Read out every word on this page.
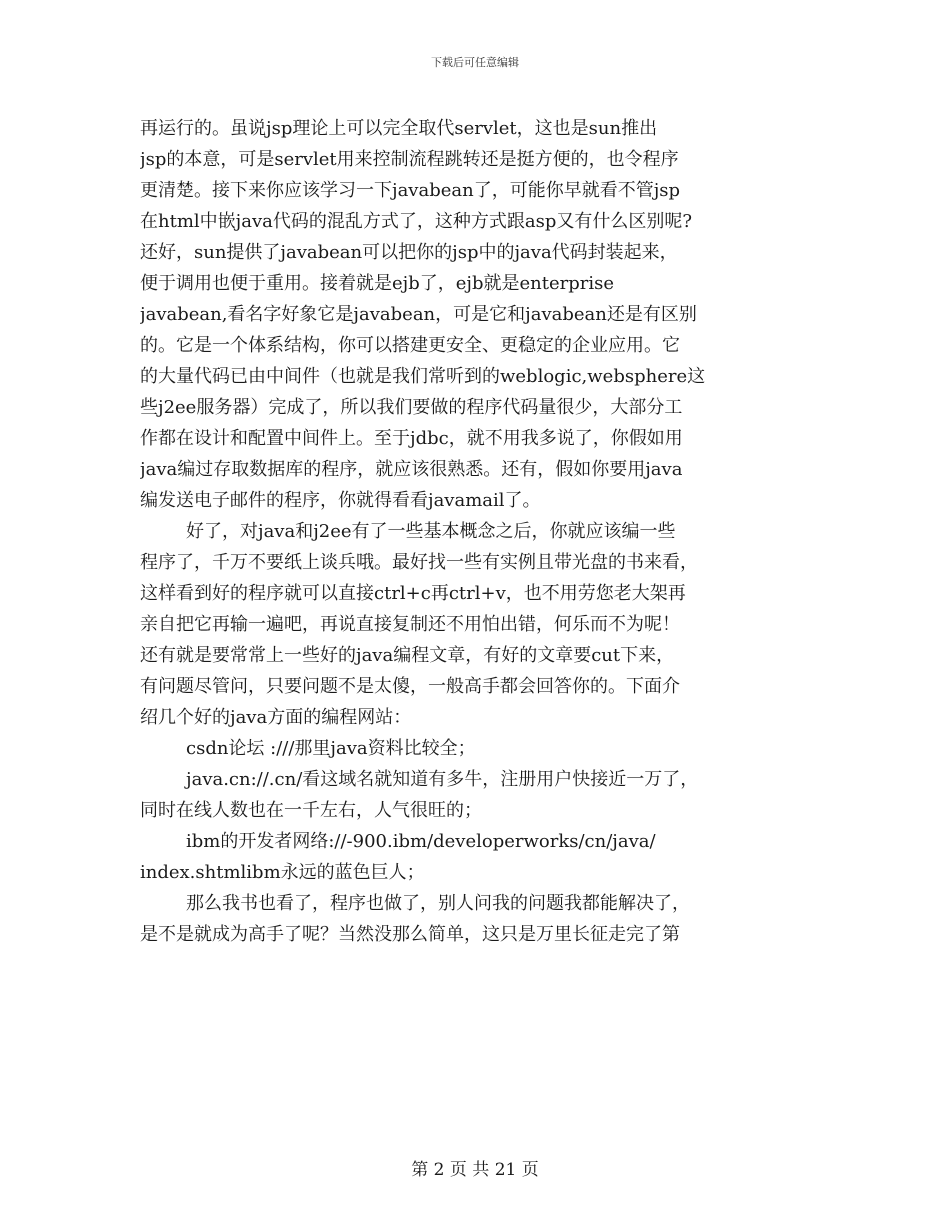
下载后可任意编辑
再运行的。虽说jsp理论上可以完全取代servlet，这也是sun推出
jsp的本意，可是servlet用来控制流程跳转还是挺方便的，也令程序
更清楚。接下来你应该学习一下javabean了，可能你早就看不管jsp
在html中嵌java代码的混乱方式了，这种方式跟asp又有什么区别呢?
还好，sun提供了javabean可以把你的jsp中的java代码封装起来，
便于调用也便于重用。接着就是ejb了，ejb就是enterprise
javabean,看名字好象它是javabean，可是它和javabean还是有区别
的。它是一个体系结构，你可以搭建更安全、更稳定的企业应用。它
的大量代码已由中间件（也就是我们常听到的weblogic,websphere这
些j2ee服务器）完成了，所以我们要做的程序代码量很少，大部分工
作都在设计和配置中间件上。至于jdbc，就不用我多说了，你假如用
java编过存取数据库的程序，就应该很熟悉。还有，假如你要用java
编发送电子邮件的程序，你就得看看javamail了。
好了，对java和j2ee有了一些基本概念之后，你就应该编一些
程序了，千万不要纸上谈兵哦。最好找一些有实例且带光盘的书来看，
这样看到好的程序就可以直接ctrl+c再ctrl+v，也不用劳您老大架再
亲自把它再输一遍吧，再说直接复制还不用怕出错，何乐而不为呢！
还有就是要常常上一些好的java编程文章，有好的文章要cut下来，
有问题尽管问，只要问题不是太傻，一般高手都会回答你的。下面介
绍几个好的java方面的编程网站：
csdn论坛 :///那里java资料比较全；
java.cn://.cn/看这域名就知道有多牛，注册用户快接近一万了，
同时在线人数也在一千左右，人气很旺的；
ibm的开发者网络://-900.ibm/developerworks/cn/java/
index.shtmlibm永远的蓝色巨人；
那么我书也看了，程序也做了，别人问我的问题我都能解决了，
是不是就成为高手了呢？当然没那么简单，这只是万里长征走完了第
第 2 页 共 21 页
